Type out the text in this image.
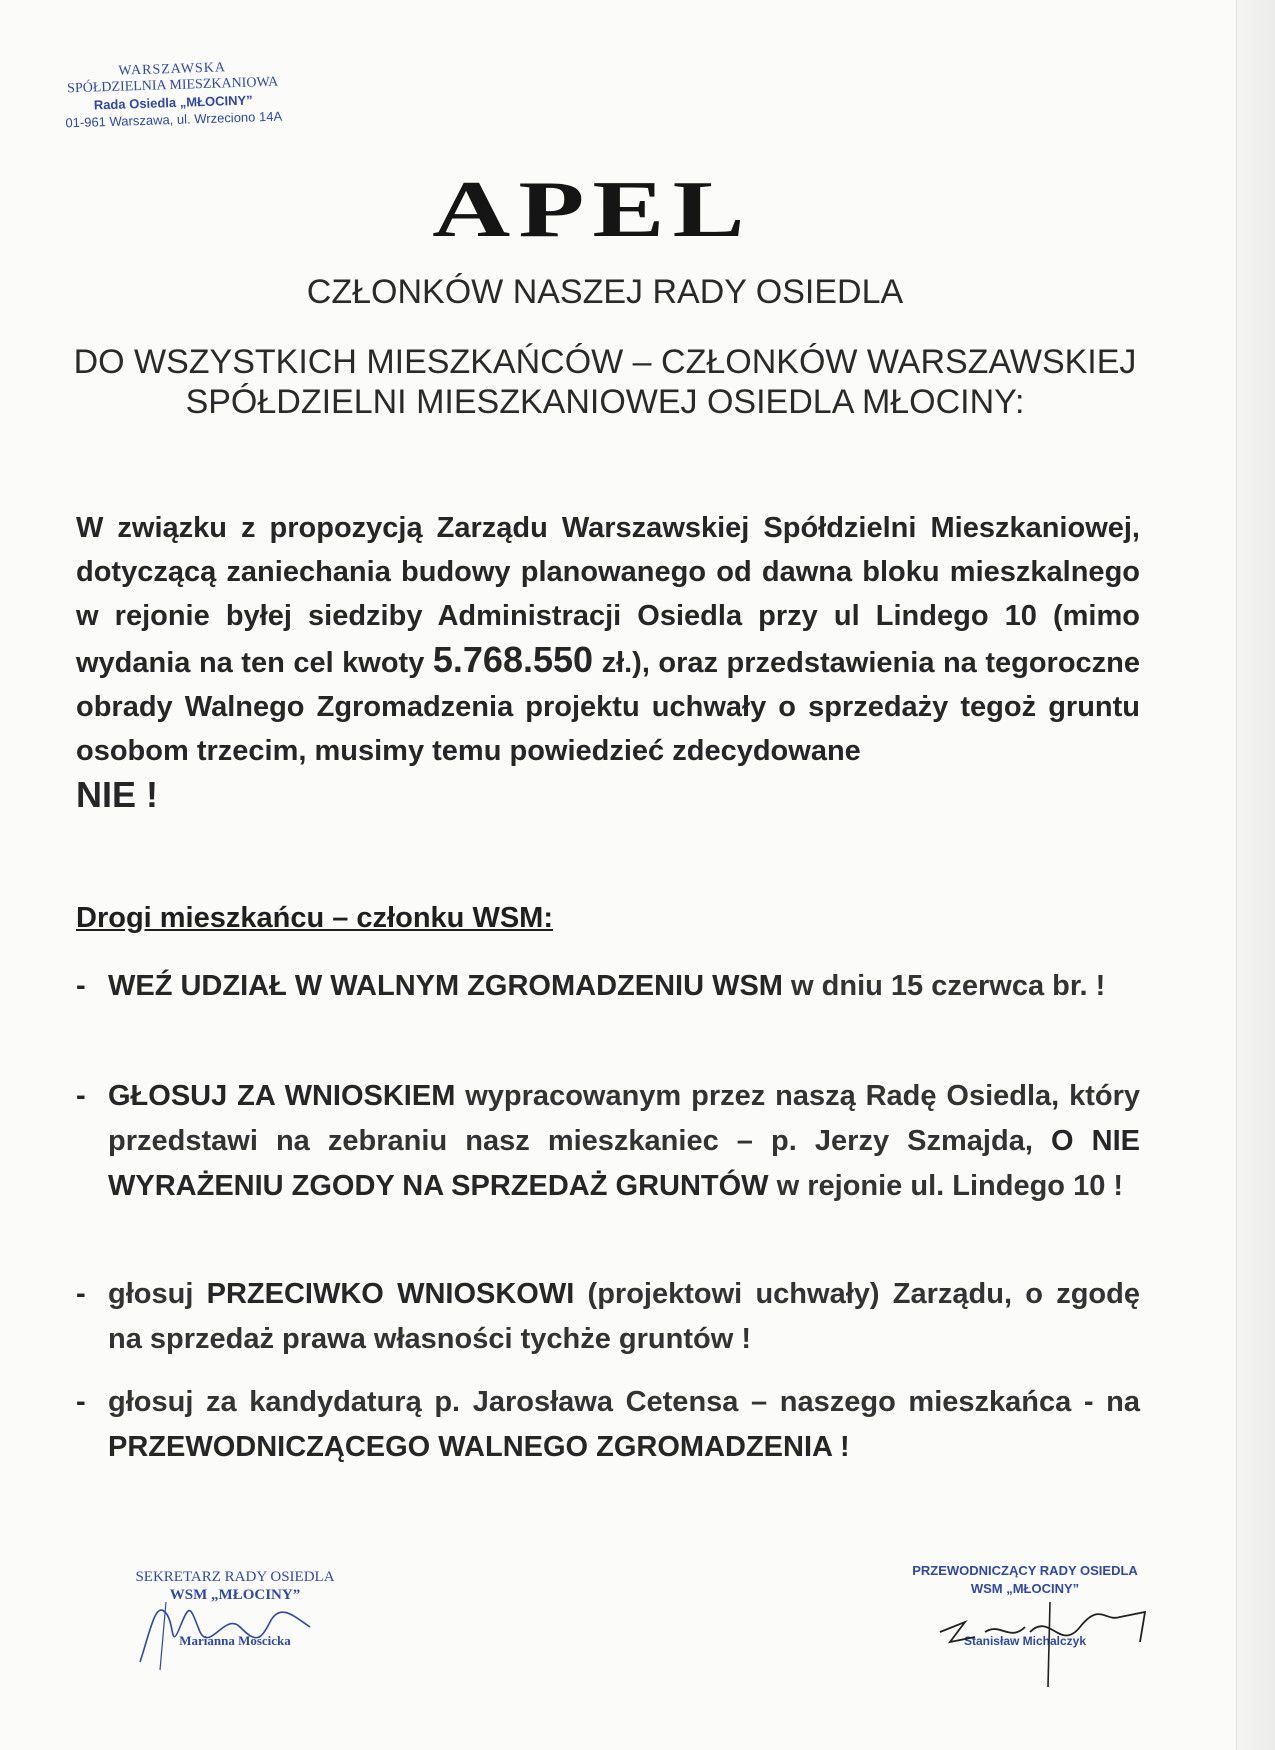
WARSZAWSKA
SPÓŁDZIELNIA MIESZKANIOWA
Rada Osiedla „MŁOCINY”
01-961 Warszawa, ul. Wrzeciono 14A
APEL
CZŁONKÓW NASZEJ RADY OSIEDLA
DO WSZYSTKICH MIESZKAŃCÓW – CZŁONKÓW WARSZAWSKIEJ SPÓŁDZIELNI MIESZKANIOWEJ OSIEDLA MŁOCINY:
W związku z propozycją Zarządu Warszawskiej Spółdzielni Mieszkaniowej, dotyczącą zaniechania budowy planowanego od dawna bloku mieszkalnego w rejonie byłej siedziby Administracji Osiedla przy ul Lindego 10 (mimo wydania na ten cel kwoty 5.768.550 zł.), oraz przedstawienia na tegoroczne obrady Walnego Zgromadzenia projektu uchwały o sprzedaży tegoż gruntu osobom trzecim, musimy temu powiedzieć zdecydowane
NIE !
Drogi mieszkańcu – członku WSM:
- WEŹ UDZIAŁ W WALNYM ZGROMADZENIU WSM w dniu 15 czerwca br. !
- GŁOSUJ ZA WNIOSKIEM wypracowanym przez naszą Radę Osiedla, który przedstawi na zebraniu nasz mieszkaniec – p. Jerzy Szmajda, O NIE WYRAŻENIU ZGODY NA SPRZEDAŻ GRUNTÓW w rejonie ul. Lindego 10 !
- głosuj PRZECIWKO WNIOSKOWI (projektowi uchwały) Zarządu, o zgodę na sprzedaż prawa własności tychże gruntów !
- głosuj za kandydaturą p. Jarosława Cetensa – naszego mieszkańca - na PRZEWODNICZĄCEGO WALNEGO ZGROMADZENIA !
SEKRETARZ RADY OSIEDLA
WSM „MŁOCINY”
Marianna Mościcka
PRZEWODNICZĄCY RADY OSIEDLA
WSM „MŁOCINY”
Stanisław Michalczyk
